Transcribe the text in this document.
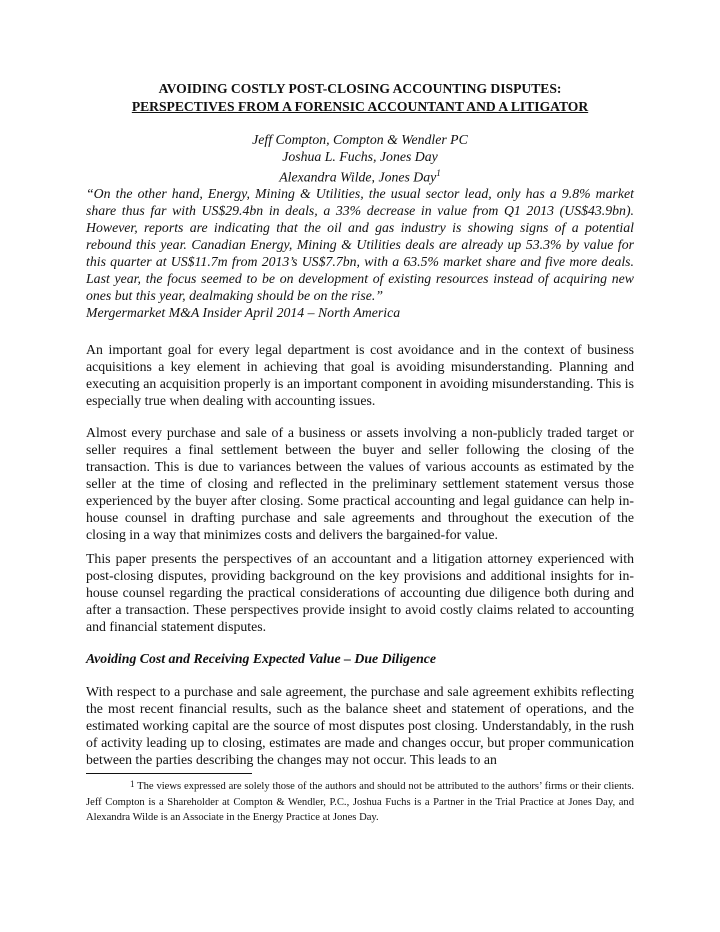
AVOIDING COSTLY POST-CLOSING ACCOUNTING DISPUTES:
PERSPECTIVES FROM A FORENSIC ACCOUNTANT AND A LITIGATOR
Jeff Compton, Compton & Wendler PC
Joshua L. Fuchs, Jones Day
Alexandra Wilde, Jones Day$^1$
“On the other hand, Energy, Mining & Utilities, the usual sector lead, only has a 9.8% market share thus far with US$29.4bn in deals, a 33% decrease in value from Q1 2013 (US$43.9bn). However, reports are indicating that the oil and gas industry is showing signs of a potential rebound this year. Canadian Energy, Mining & Utilities deals are already up 53.3% by value for this quarter at US$11.7m from 2013’s US$7.7bn, with a 63.5% market share and five more deals. Last year, the focus seemed to be on development of existing resources instead of acquiring new ones but this year, dealmaking should be on the rise.”
Mergermarket M&A Insider April 2014 – North America
An important goal for every legal department is cost avoidance and in the context of business acquisitions a key element in achieving that goal is avoiding misunderstanding. Planning and executing an acquisition properly is an important component in avoiding misunderstanding. This is especially true when dealing with accounting issues.
Almost every purchase and sale of a business or assets involving a non-publicly traded target or seller requires a final settlement between the buyer and seller following the closing of the transaction. This is due to variances between the values of various accounts as estimated by the seller at the time of closing and reflected in the preliminary settlement statement versus those experienced by the buyer after closing. Some practical accounting and legal guidance can help in-house counsel in drafting purchase and sale agreements and throughout the execution of the closing in a way that minimizes costs and delivers the bargained-for value.
This paper presents the perspectives of an accountant and a litigation attorney experienced with post-closing disputes, providing background on the key provisions and additional insights for in-house counsel regarding the practical considerations of accounting due diligence both during and after a transaction. These perspectives provide insight to avoid costly claims related to accounting and financial statement disputes.
Avoiding Cost and Receiving Expected Value – Due Diligence
With respect to a purchase and sale agreement, the purchase and sale agreement exhibits reflecting the most recent financial results, such as the balance sheet and statement of operations, and the estimated working capital are the source of most disputes post closing. Understandably, in the rush of activity leading up to closing, estimates are made and changes occur, but proper communication between the parties describing the changes may not occur. This leads to an
$^1$ The views expressed are solely those of the authors and should not be attributed to the authors’ firms or their clients. Jeff Compton is a Shareholder at Compton & Wendler, P.C., Joshua Fuchs is a Partner in the Trial Practice at Jones Day, and Alexandra Wilde is an Associate in the Energy Practice at Jones Day.
